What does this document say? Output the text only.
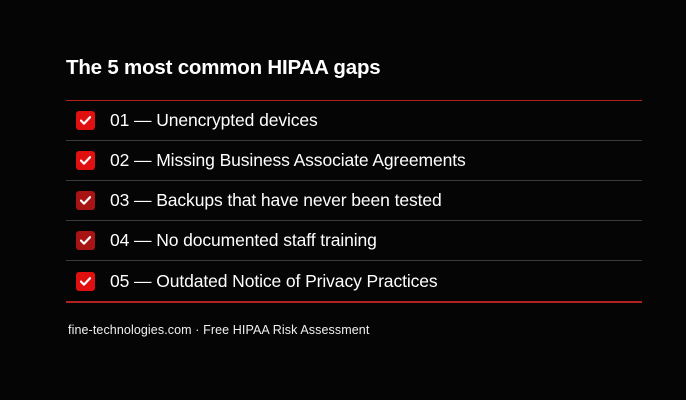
The 5 most common HIPAA gaps
01 — Unencrypted devices
02 — Missing Business Associate Agreements
03 — Backups that have never been tested
04 — No documented staff training
05 — Outdated Notice of Privacy Practices
fine-technologies.com · Free HIPAA Risk Assessment
